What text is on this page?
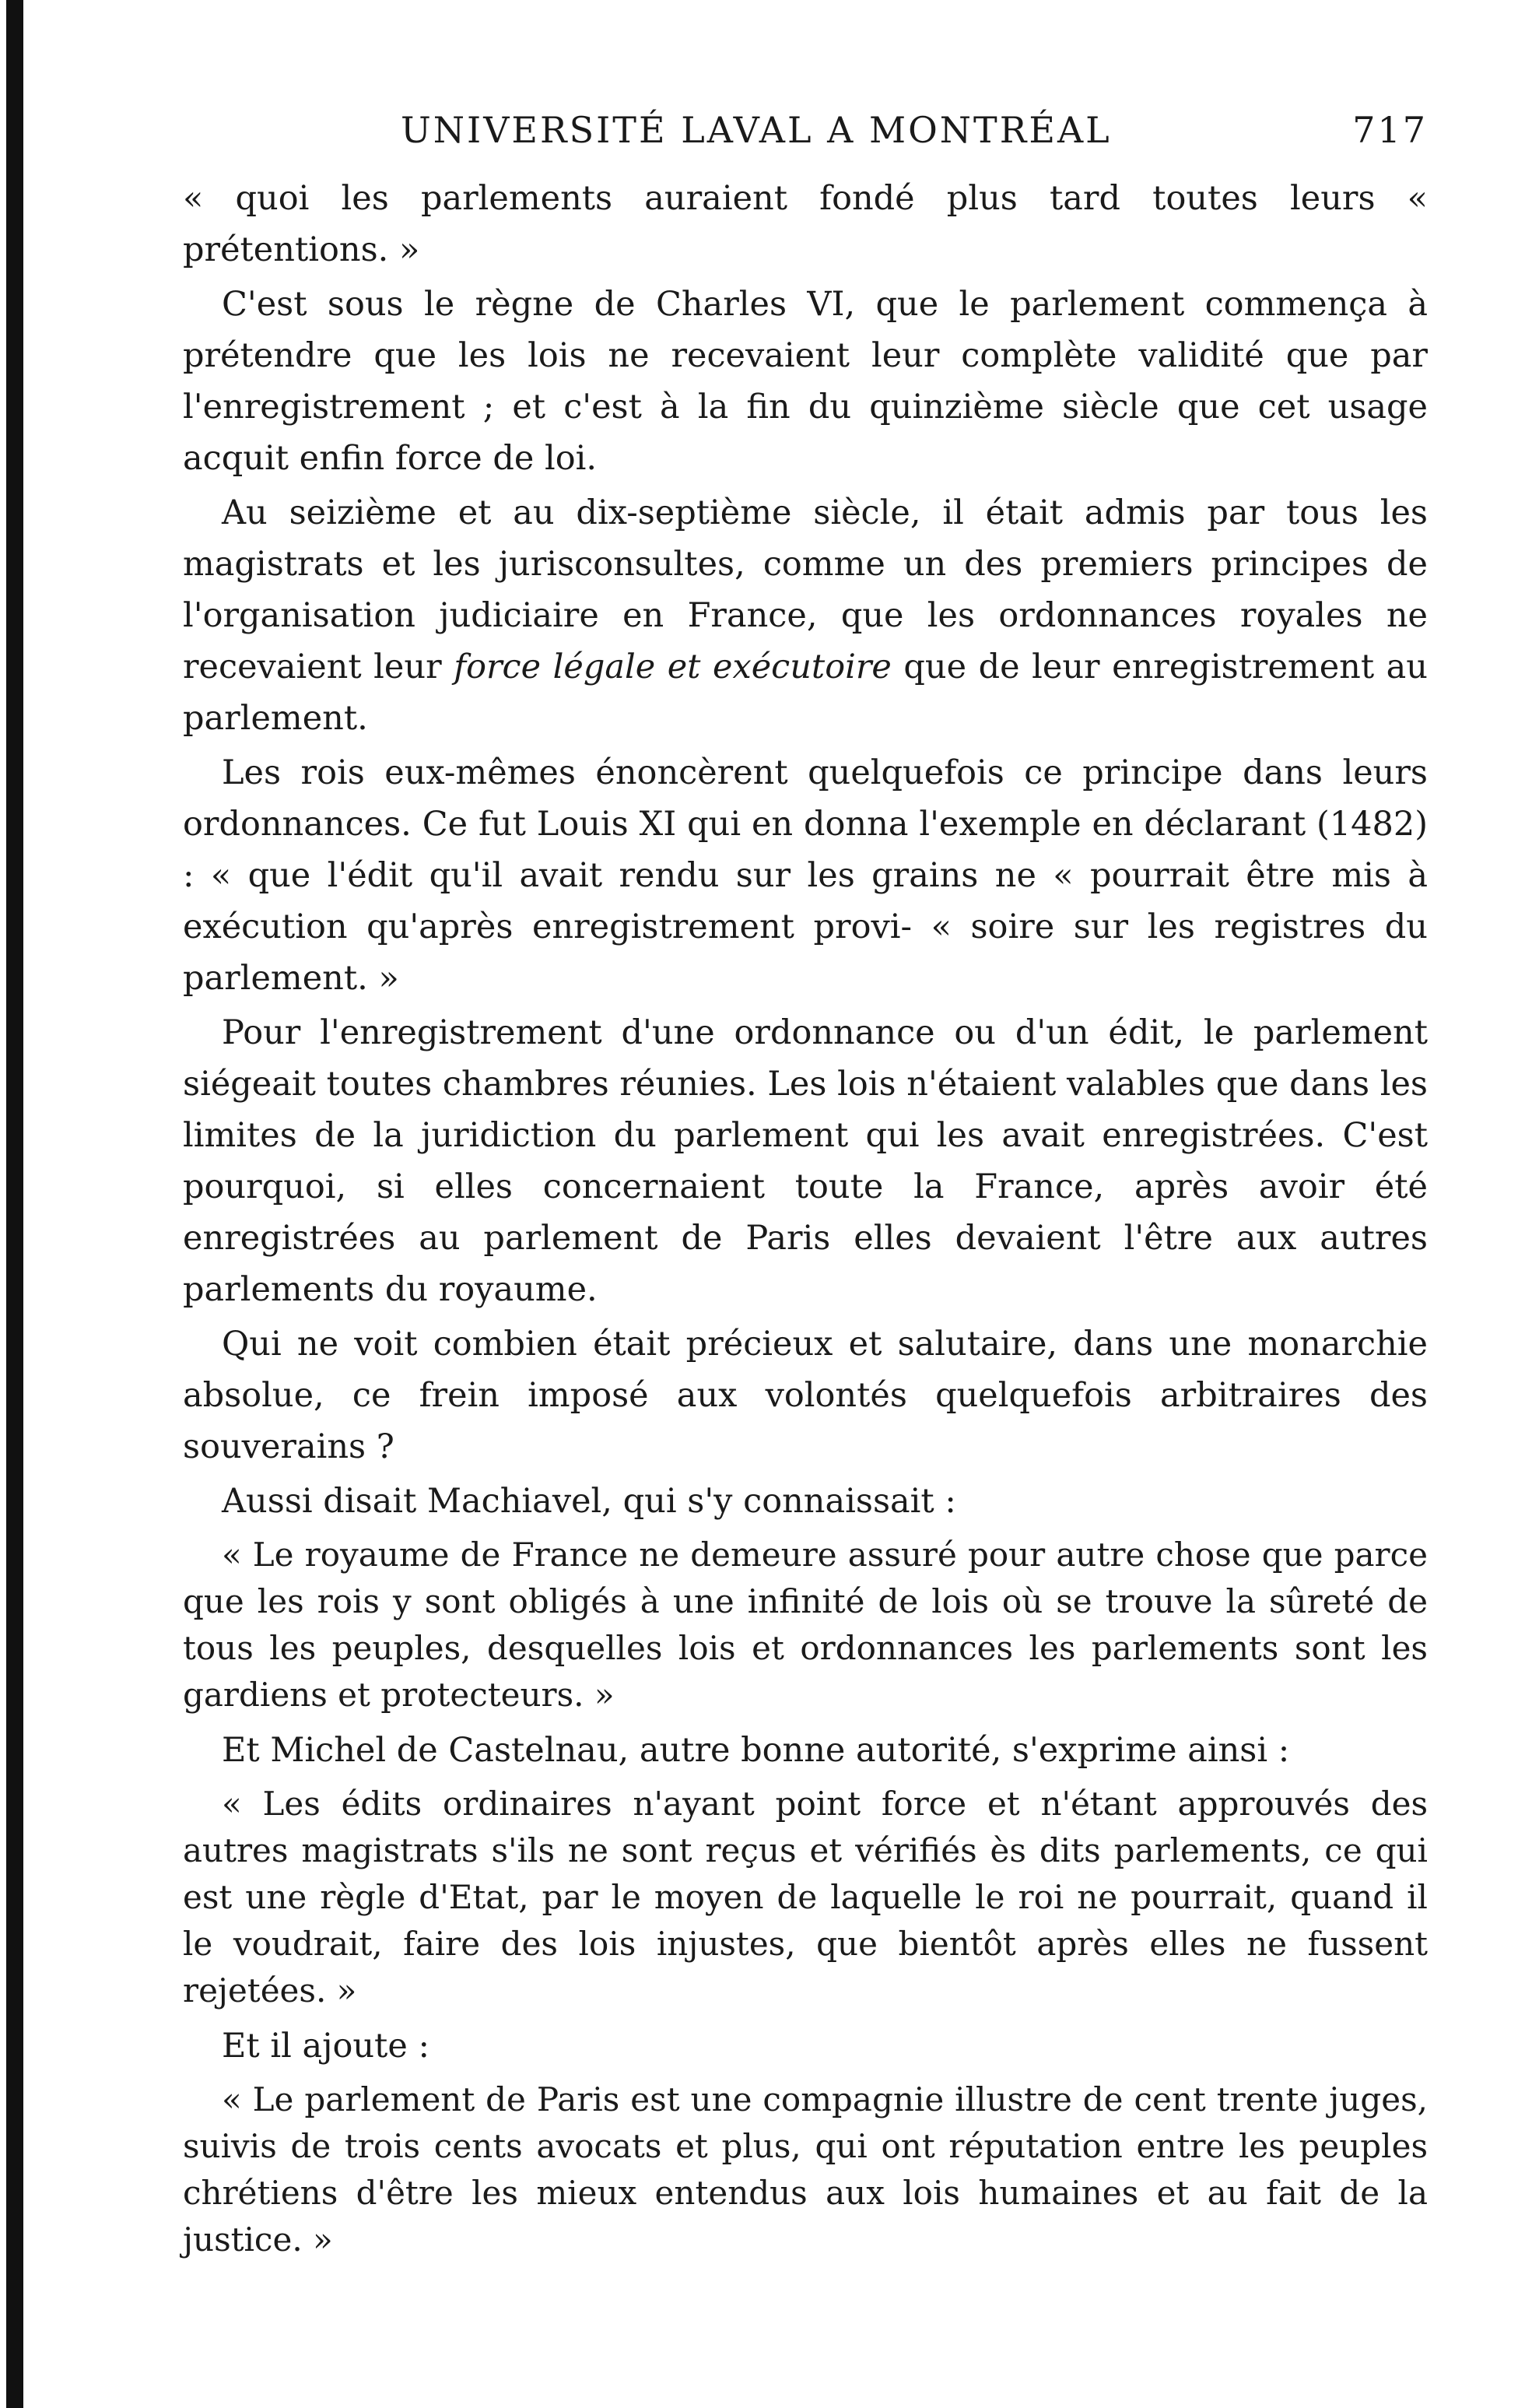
UNIVERSITÉ LAVAL A MONTRÉAL	717

« quoi les parlements auraient fondé plus tard toutes leurs « prétentions. »

C'est sous le règne de Charles VI, que le parlement commença à prétendre que les lois ne recevaient leur complète validité que par l'enregistrement ; et c'est à la fin du quinzième siècle que cet usage acquit enfin force de loi.

Au seizième et au dix-septième siècle, il était admis par tous les magistrats et les jurisconsultes, comme un des premiers principes de l'organisation judiciaire en France, que les ordonnances royales ne recevaient leur force légale et exécutoire que de leur enregistrement au parlement.

Les rois eux-mêmes énoncèrent quelquefois ce principe dans leurs ordonnances. Ce fut Louis XI qui en donna l'exemple en déclarant (1482) : « que l'édit qu'il avait rendu sur les grains ne « pourrait être mis à exécution qu'après enregistrement provi- « soire sur les registres du parlement. »

Pour l'enregistrement d'une ordonnance ou d'un édit, le parlement siégeait toutes chambres réunies. Les lois n'étaient valables que dans les limites de la juridiction du parlement qui les avait enregistrées. C'est pourquoi, si elles concernaient toute la France, après avoir été enregistrées au parlement de Paris elles devaient l'être aux autres parlements du royaume.

Qui ne voit combien était précieux et salutaire, dans une monarchie absolue, ce frein imposé aux volontés quelquefois arbitraires des souverains ?

Aussi disait Machiavel, qui s'y connaissait :

« Le royaume de France ne demeure assuré pour autre chose que parce que les rois y sont obligés à une infinité de lois où se trouve la sûreté de tous les peuples, desquelles lois et ordonnances les parlements sont les gardiens et protecteurs. »

Et Michel de Castelnau, autre bonne autorité, s'exprime ainsi :

« Les édits ordinaires n'ayant point force et n'étant approuvés des autres magistrats s'ils ne sont reçus et vérifiés ès dits parlements, ce qui est une règle d'Etat, par le moyen de laquelle le roi ne pourrait, quand il le voudrait, faire des lois injustes, que bientôt après elles ne fussent rejetées. »

Et il ajoute :

« Le parlement de Paris est une compagnie illustre de cent trente juges, suivis de trois cents avocats et plus, qui ont réputation entre les peuples chrétiens d'être les mieux entendus aux lois humaines et au fait de la justice. »
